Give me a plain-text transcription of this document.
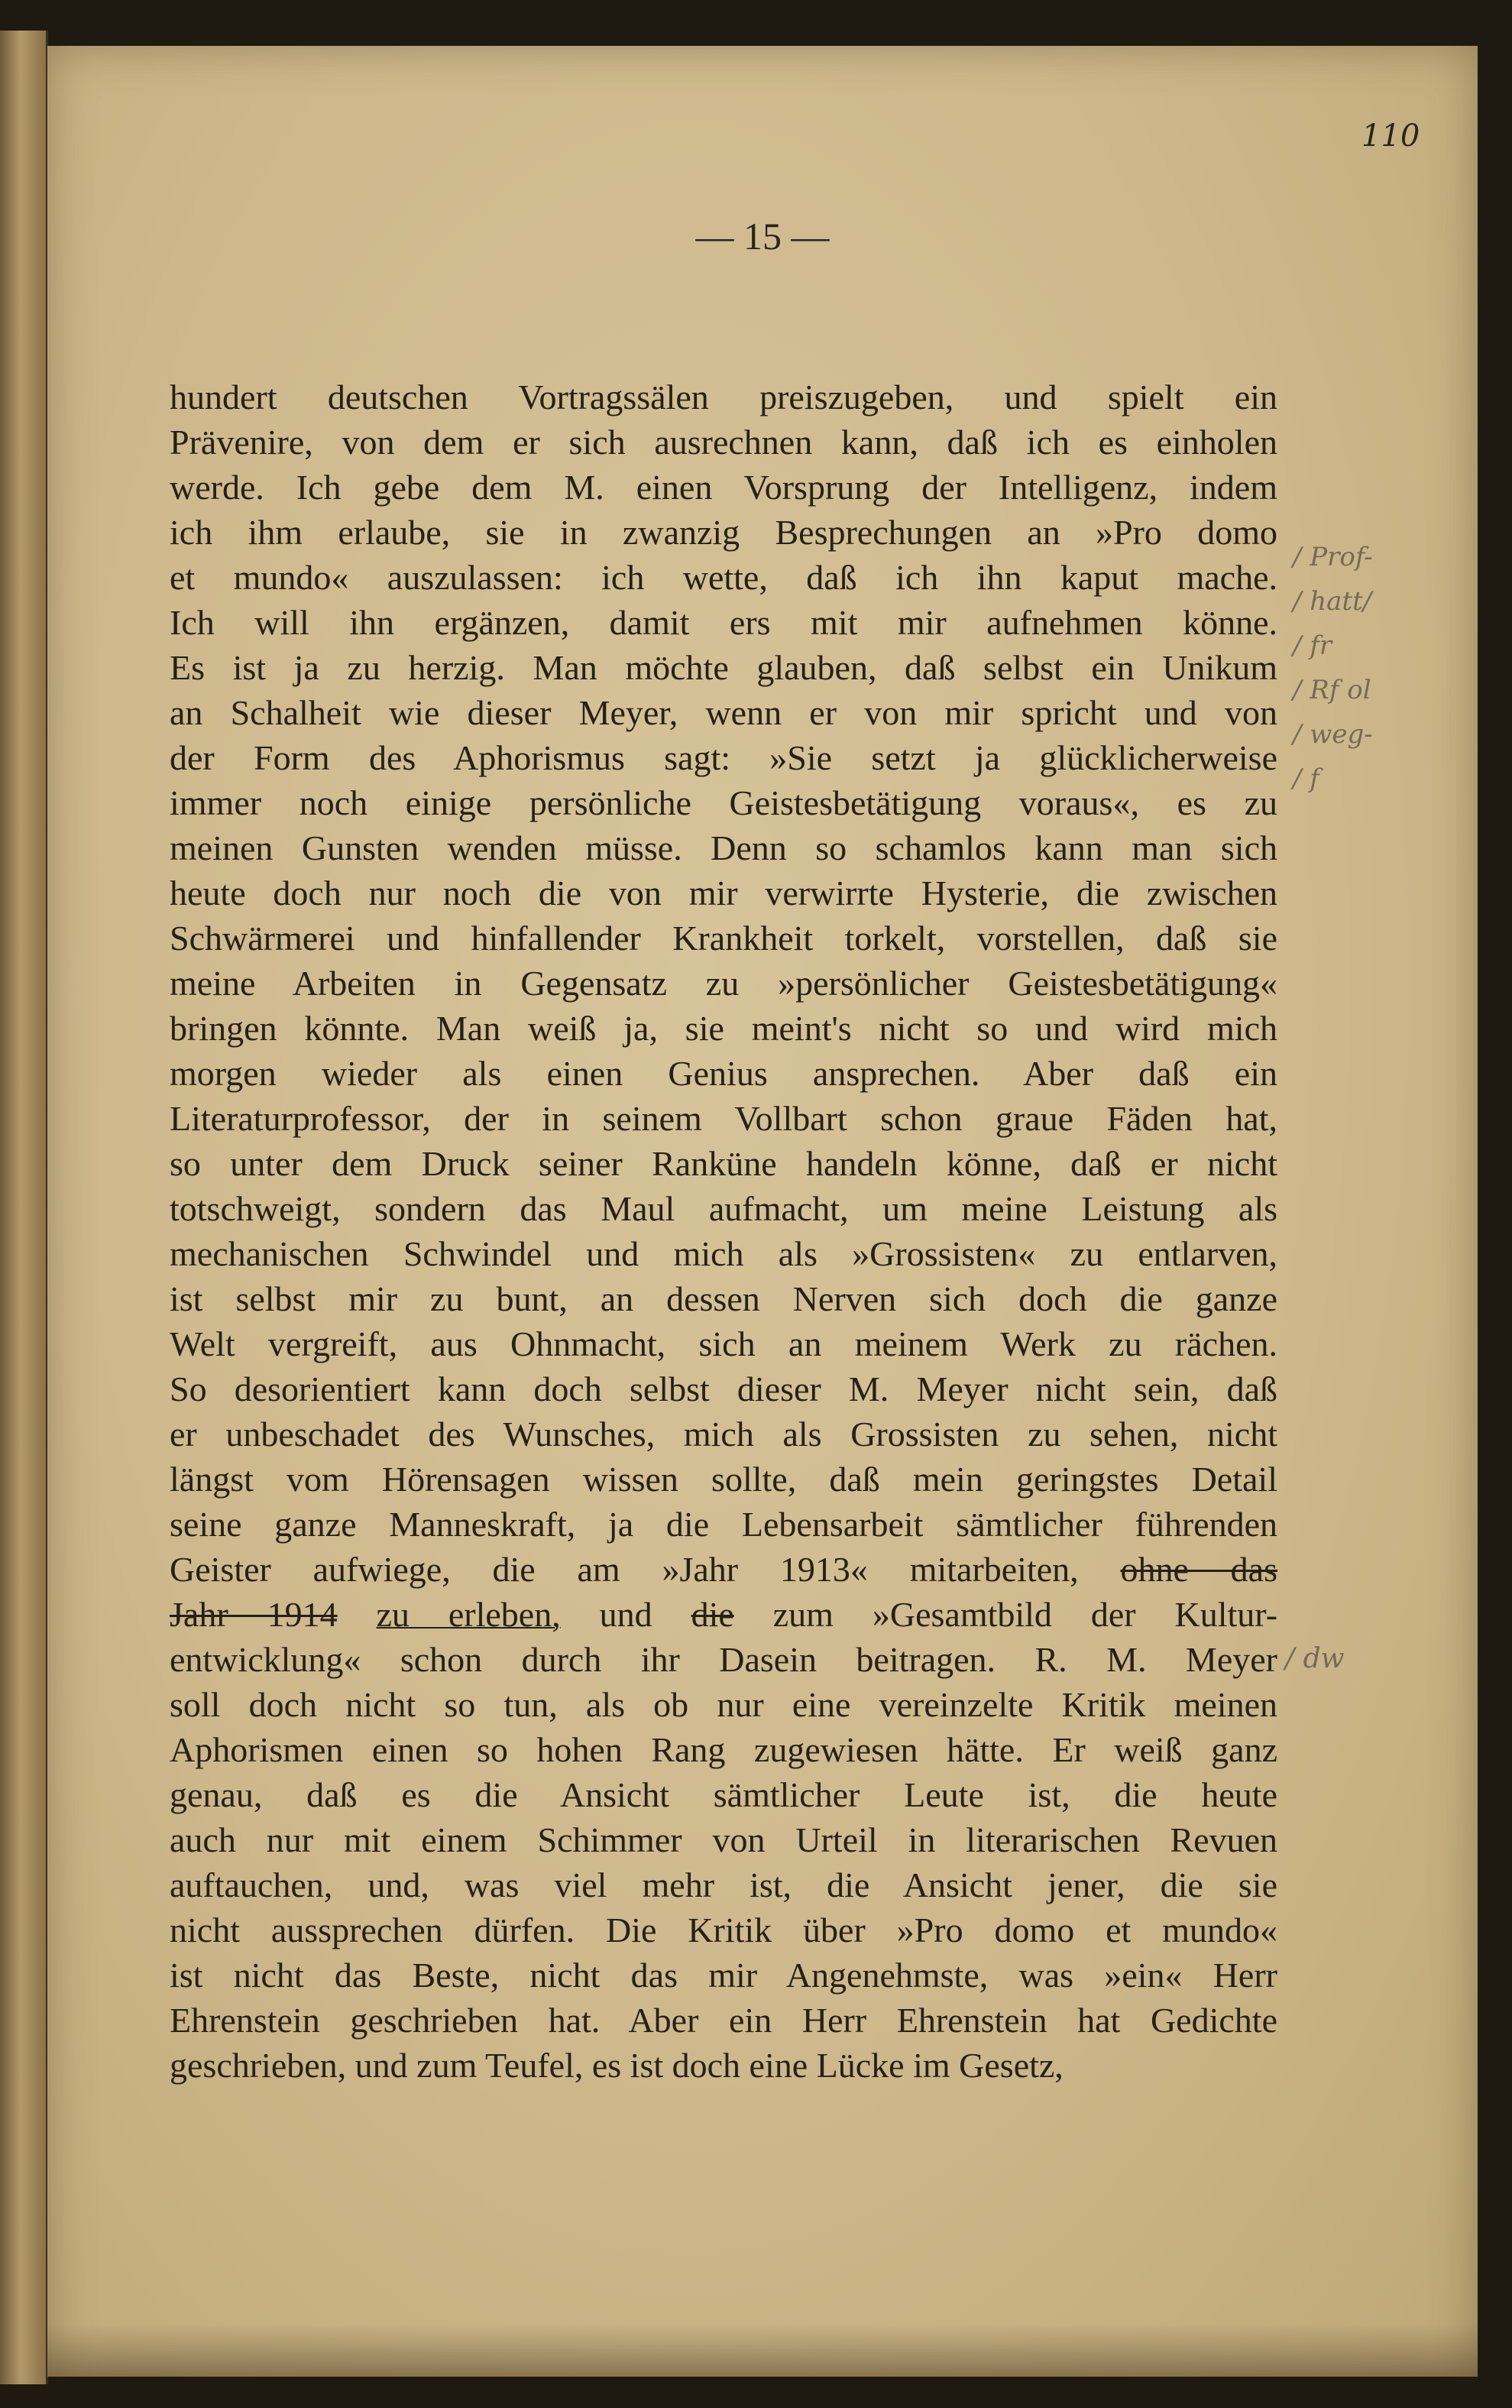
110
— 15 —
hundert deutschen Vortragssälen preiszugeben, und spielt ein
Prävenire, von dem er sich ausrechnen kann, daß ich es einholen
werde. Ich gebe dem M. einen Vorsprung der Intelligenz, indem
ich ihm erlaube, sie in zwanzig Besprechungen an »Pro domo
et mundo« auszulassen: ich wette, daß ich ihn kaput mache.
Ich will ihn ergänzen, damit ers mit mir aufnehmen könne.
Es ist ja zu herzig. Man möchte glauben, daß selbst ein Unikum
an Schalheit wie dieser Meyer, wenn er von mir spricht und von
der Form des Aphorismus sagt: »Sie setzt ja glücklicherweise
immer noch einige persönliche Geistesbetätigung voraus«, es zu
meinen Gunsten wenden müsse. Denn so schamlos kann man sich
heute doch nur noch die von mir verwirrte Hysterie, die zwischen
Schwärmerei und hinfallender Krankheit torkelt, vorstellen, daß sie
meine Arbeiten in Gegensatz zu »persönlicher Geistesbetätigung«
bringen könnte. Man weiß ja, sie meint's nicht so und wird mich
morgen wieder als einen Genius ansprechen. Aber daß ein
Literaturprofessor, der in seinem Vollbart schon graue Fäden hat,
so unter dem Druck seiner Rankünе handeln könne, daß er nicht
totschweigt, sondern das Maul aufmacht, um meine Leistung als
mechanischen Schwindel und mich als »Grossisten« zu entlarven,
ist selbst mir zu bunt, an dessen Nerven sich doch die ganze
Welt vergreift, aus Ohnmacht, sich an meinem Werk zu rächen.
So desorientiert kann doch selbst dieser M. Meyer nicht sein, daß
er unbeschadet des Wunsches, mich als Grossisten zu sehen, nicht
längst vom Hörensagen wissen sollte, daß mein geringstes Detail
seine ganze Manneskraft, ja die Lebensarbeit sämtlicher führenden
Geister aufwiege, die am »Jahr 1913« mitarbeiten, ohne das
Jahr 1914 zu erleben, und die zum »Gesamtbild der Kultur-
entwicklung« schon durch ihr Dasein beitragen. R. M. Meyer
soll doch nicht so tun, als ob nur eine vereinzelte Kritik meinen
Aphorismen einen so hohen Rang zugewiesen hätte. Er weiß ganz
genau, daß es die Ansicht sämtlicher Leute ist, die heute
auch nur mit einem Schimmer von Urteil in literarischen Revuen
auftauchen, und, was viel mehr ist, die Ansicht jener, die sie
nicht aussprechen dürfen. Die Kritik über »Pro domo et mundo«
ist nicht das Beste, nicht das mir Angenehmste, was »ein« Herr
Ehrenstein geschrieben hat. Aber ein Herr Ehrenstein hat Gedichte
geschrieben, und zum Teufel, es ist doch eine Lücke im Gesetz,
/ Prof-
/ hatt/
/ fr
/ Rf ol
/ weg-
/ f
/ dw
